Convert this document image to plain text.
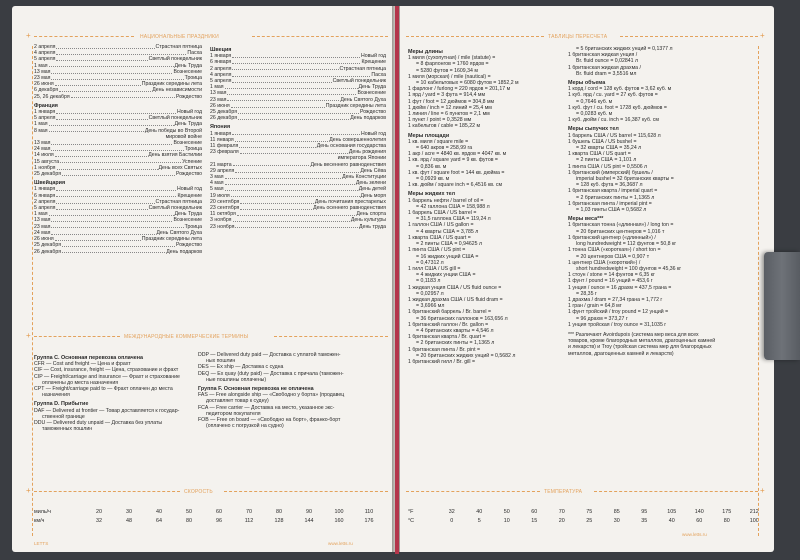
+	НАЦИОНАЛЬНЫЕ ПРАЗДНИКИ
2 апреля	Страстная пятница
4 апреля	Пасха
5 апреля	Светлый понедельник
1 мая	День Труда
13 мая	Вознесение
23 мая	Троица
26 июня	Праздник середины лета
6 декабря	День независимости
25, 26 декабря	Рождество
Франция
1 января	Новый год
5 апреля	Светлый понедельник
1 мая	День Труда
8 мая	День победы во Второй
мировой войне
13 мая	Вознесение
24 мая	Троица
14 июля	День взятия Бастилии
15 августа	Успение
1 ноября	День всех Святых
25 декабря	Рождество
Швейцария
1 января	Новый год
6 января	Крещение
2 апреля	Страстная пятница
5 апреля	Светлый понедельник
1 мая	День Труда
13 мая	Вознесение
23 мая	Троица
24 мая	День Святого Духа
26 июня	Праздник середины лета
25 декабря	Рождество
26 декабря	День подарков
Швеция
1 января	Новый год
6 января	Крещение
2 апреля	Страстная пятница
4 апреля	Пасха
5 апреля	Светлый понедельник
1 мая	День Труда
13 мая	Вознесение
23 мая	День Святого Духа
26 июня	Праздник середины лета
25 декабря	Рождество
26 декабря	День подарков
Япония
1 января	Новый год
11 января	День совершеннолетия
11 февраля	День основания государства
23 февраля	День рождения
императора Японии
21 марта	День весеннего равноденствия
29 апреля	День Сёва
3 мая	День Конституции
4 мая	День зелени
5 мая	День детей
19 июля	День моря
20 сентября	День почитания престарелых
23 сентября	День осеннего равноденствия
11 октября	День спорта
3 ноября	День культуры
23 ноября	День труда
+	МЕЖДУНАРОДНЫЕ КОММЕРЧЕСКИЕ ТЕРМИНЫ
Группа С. Основная перевозка оплачена
CFR — Cost and freight — Цена и фрахт
CIF — Cost, insurance, freight — Цена, страхование и фрахт
CIP — Freight/carriage and insurance — Фрахт и страхование
оплачены до места назначения
CPT — Freight/carriage paid to — Фрахт оплачен до места
назначения
Группа D. Прибытие
DAF — Delivered at frontier — Товар доставляется к государ-
ственной границе
DDU — Delivered duty unpaid — Доставка без уплаты
таможенных пошлин
DDP — Delivered duty paid — Доставка с уплатой таможен-
ных пошлин
DES — Ex ship — Доставка с судна
DEQ — Ex quay (duty paid) — Доставка с причала (таможен-
ные пошлины оплачены)
Группа F. Основная перевозка не оплачена
FAS — Free alongside ship — «Свободно у борта» (продавец
доставляет товар к судну)
FCA — Free carrier — Доставка на место, указанное экс-
педитором покупателя
FOB — Free on board — «Свободно на борт», франко-борт
(оплачено с погрузкой на судно)
+	СКОРОСТЬ
миль/ч	20	30	40	50	60	70	80	90	100	110
км/ч	32	48	64	80	96	112	128	144	160	176
LETTS	www.letts.ru
ТАБЛИЦЫ ПЕРЕСЧЕТА	+
Меры длины
1 миля (сухопутная) / mile (statute) =
= 8 фарлонгов = 1760 ярдов =
= 5280 футов = 1609,34 м
1 миля (морская) / mile (nautical) =
= 10 кабельтовых = 6080 футов = 1852,2 м
1 фарлонг / furlong = 220 ярдов = 201,17 м
1 ярд / yard = 3 фута = 914,4 мм
1 фут / foot = 12 дюймов = 304,8 мм
1 дюйм / inch = 12 линий = 25,4 мм
1 линия / line = 6 пунктов = 2,1 мм
1 пункт / point = 0,3528 мм
1 кабельтов / cable = 185,22 м
Меры площади
1 кв. миля / square mile =
= 640 акров = 258,99 га
1 акр / acre = 4840 кв. ярдов = 4047 кв. м
1 кв. ярд / square yard = 9 кв. футов =
= 0,836 кв. м
1 кв. фут / square foot = 144 кв. дюйма =
= 0,0929 кв. м
1 кв. дюйм / square inch = 6,4516 кв. см
Меры жидких тел
1 баррель нефти / barrel of oil =
= 42 галлона США = 158,988 л
1 баррель США / US barrel =
= 31,5 галлона США = 119,24 л
1 галлон США / US gallon =
= 4 кварты США = 3,785 л
1 кварта США / US quart =
= 2 пинты США = 0,94625 л
1 пинта США / US pint =
= 16 жидких унций США =
= 0,47312 л
1 гилл США / US gill =
= 4 жидких унции США =
= 0,1183 л
1 жидкая унция США / US fluid ounce =
= 0,02957 л
1 жидкая драхма США / US fluid dram =
= 3,6966 мл
1 британский баррель / Br. barrel =
= 36 британских галлонов = 163,656 л
1 британский галлон / Br. gallon =
= 4 британских кварты = 4,546 л
1 британская кварта / Br. quart =
= 2 британских пинты = 1,1365 л
1 британская пинта / Br. pint =
= 20 британских жидких унций = 0,5682 л
1 британский гилл / Br. gill =
= 5 британских жидких унций = 0,1377 л
1 британская жидкая унция /
Br. fluid ounce = 0,02841 л
1 британская жидкая драхма /
Br. fluid dram = 3,5516 мл
Меры объема
1 корд / cord = 128 куб. футов = 3,62 куб. м
1 куб. ярд / cu. yard = 27 куб. футов =
= 0,7646 куб. м
1 куб. фут / cu. foot = 1728 куб. дюймов =
= 0,0283 куб. м
1 куб. дюйм / cu. inch = 16,387 куб. см
Меры сыпучих тел
1 баррель США / US barrel = 115,628 л
1 бушель США / US bushel =
= 32 кварты США = 35,24 л
1 кварта США / US quart =
= 2 пинты США = 1,101 л
1 пинта США / US pint = 0,5506 л
1 британский (имперский) бушель /
imperial bushel = 32 британских кварты =
= 128 куб. фута = 36,3687 л
1 британская кварта / imperial quart =
= 2 британских пинты = 1,1365 л
1 британская пинта / imperial pint =
= 1,03 пинты США = 0,5682 л
Меры веса***
1 британская тонна («длинная») / long ton =
= 20 британских центнеров = 1,016 т
1 британский центнер («длинный») /
long hundredweight = 112 фунтов = 50,8 кг
1 тонна США («короткая») / short ton =
= 20 центнеров США = 0,907 т
1 центнер США («короткий») /
short hundredweight = 100 фунтов = 45,36 кг
1 стоун / stone = 14 фунтов = 6,35 кг
1 фунт / pound = 16 унций = 453,6 г
1 унция / ounce = 16 драхм = 437,5 грана =
= 28,35 г
1 драхма / dram = 27,34 грана = 1,772 г
1 гран / grain = 64,8 мг
1 фунт тройский / troy pound = 12 унций =
= 96 драхм = 373,27 г
1 унция тройская / troy ounce = 31,1035 г
*** Различают Avoirdupois (система мер веса для всех
товаров, кроме благородных металлов, драгоценных камней
и лекарств) и Troy (тройская система мер для благородных
металлов, драгоценных камней и лекарств)
ТЕМПЕРАТУРА	+
°F	32	40	50	60	70	75	85	95	105	140	175	212
°C	0	5	10	15	20	25	30	35	40	60	80	100
www.letts.ru
